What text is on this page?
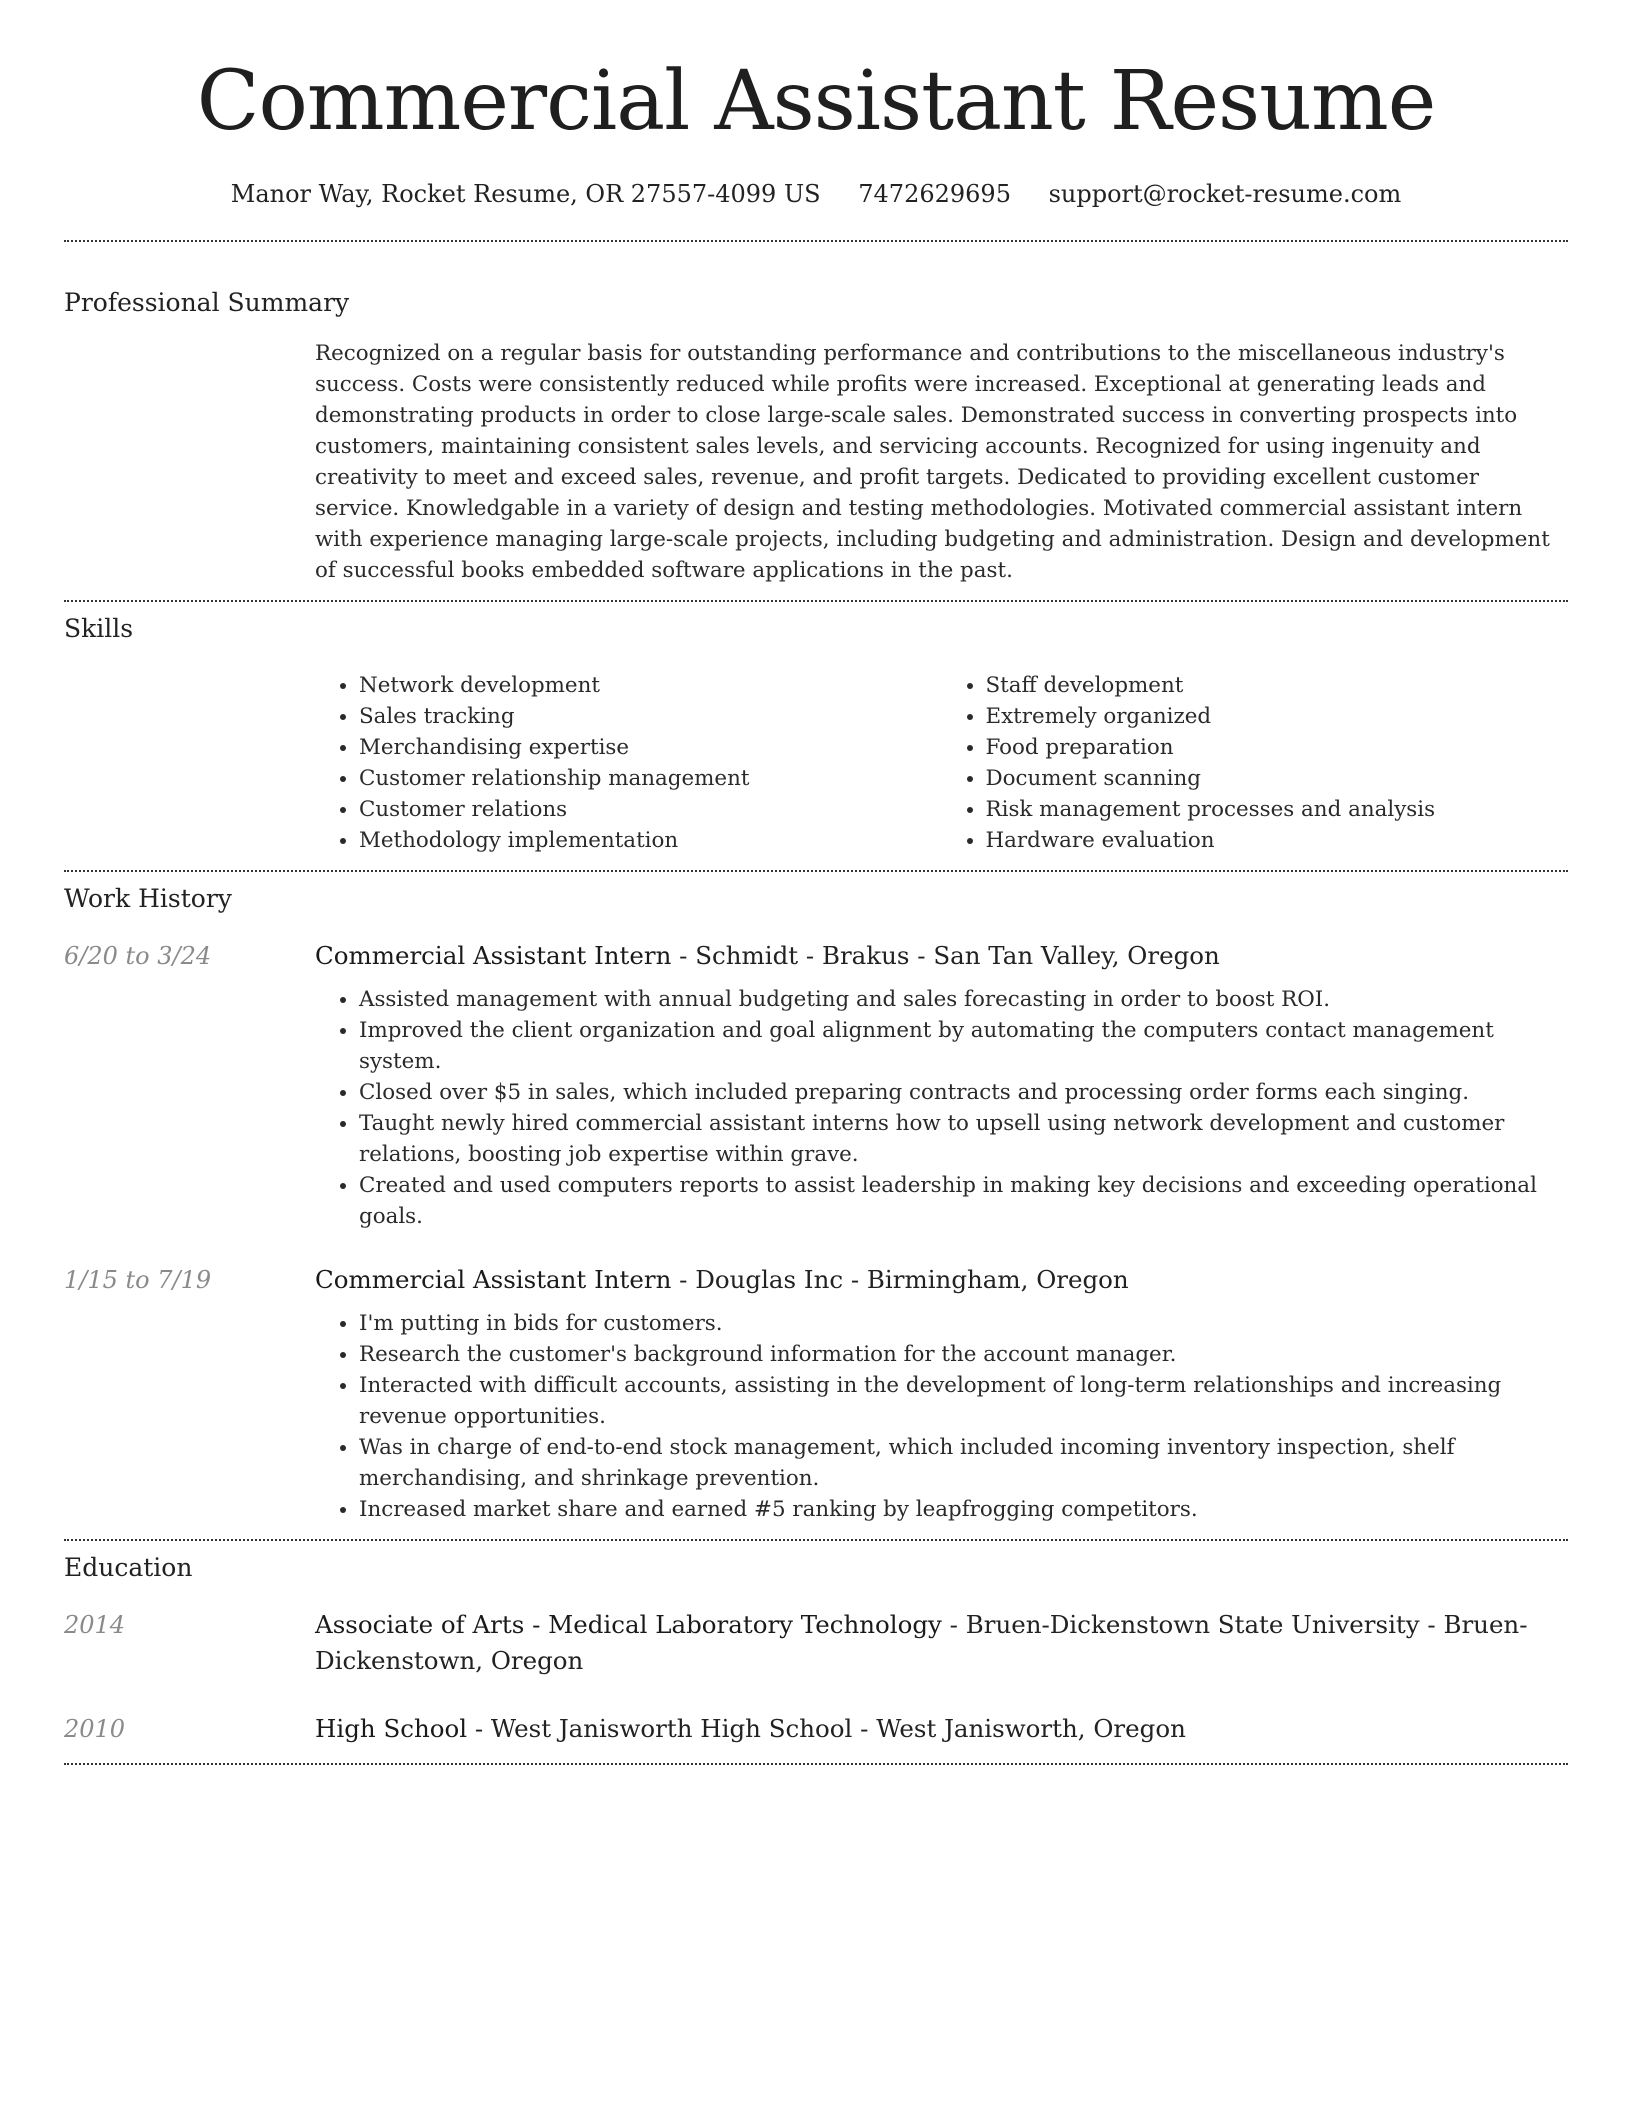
Commercial Assistant Resume
Manor Way, Rocket Resume, OR 27557-4099 US 7472629695 support@rocket-resume.com
Professional Summary

Recognized on a regular basis for outstanding performance and contributions to the miscellaneous industry's success. Costs were consistently reduced while profits were increased. Exceptional at generating leads and demonstrating products in order to close large-scale sales. Demonstrated success in converting prospects into customers, maintaining consistent sales levels, and servicing accounts. Recognized for using ingenuity and creativity to meet and exceed sales, revenue, and profit targets. Dedicated to providing excellent customer service. Knowledgable in a variety of design and testing methodologies. Motivated commercial assistant intern with experience managing large-scale projects, including budgeting and administration. Design and development of successful books embedded software applications in the past.

Skills
• Network development
• Sales tracking
• Merchandising expertise
• Customer relationship management
• Customer relations
• Methodology implementation
• Staff development
• Extremely organized
• Food preparation
• Document scanning
• Risk management processes and analysis
• Hardware evaluation
Work History
6/20 to 3/24	Commercial Assistant Intern - Schmidt - Brakus - San Tan Valley, Oregon

• Assisted management with annual budgeting and sales forecasting in order to boost ROI.
• Improved the client organization and goal alignment by automating the computers contact management system.
• Closed over $5 in sales, which included preparing contracts and processing order forms each singing.
• Taught newly hired commercial assistant interns how to upsell using network development and customer relations, boosting job expertise within grave.
• Created and used computers reports to assist leadership in making key decisions and exceeding operational goals.
1/15 to 7/19	Commercial Assistant Intern - Douglas Inc - Birmingham, Oregon

• I'm putting in bids for customers.
• Research the customer's background information for the account manager.
• Interacted with difficult accounts, assisting in the development of long-term relationships and increasing revenue opportunities.
• Was in charge of end-to-end stock management, which included incoming inventory inspection, shelf merchandising, and shrinkage prevention.
• Increased market share and earned #5 ranking by leapfrogging competitors.
Education
2014	Associate of Arts - Medical Laboratory Technology - Bruen-Dickenstown State University - Bruen-Dickenstown, Oregon

2010	High School - West Janisworth High School - West Janisworth, Oregon
